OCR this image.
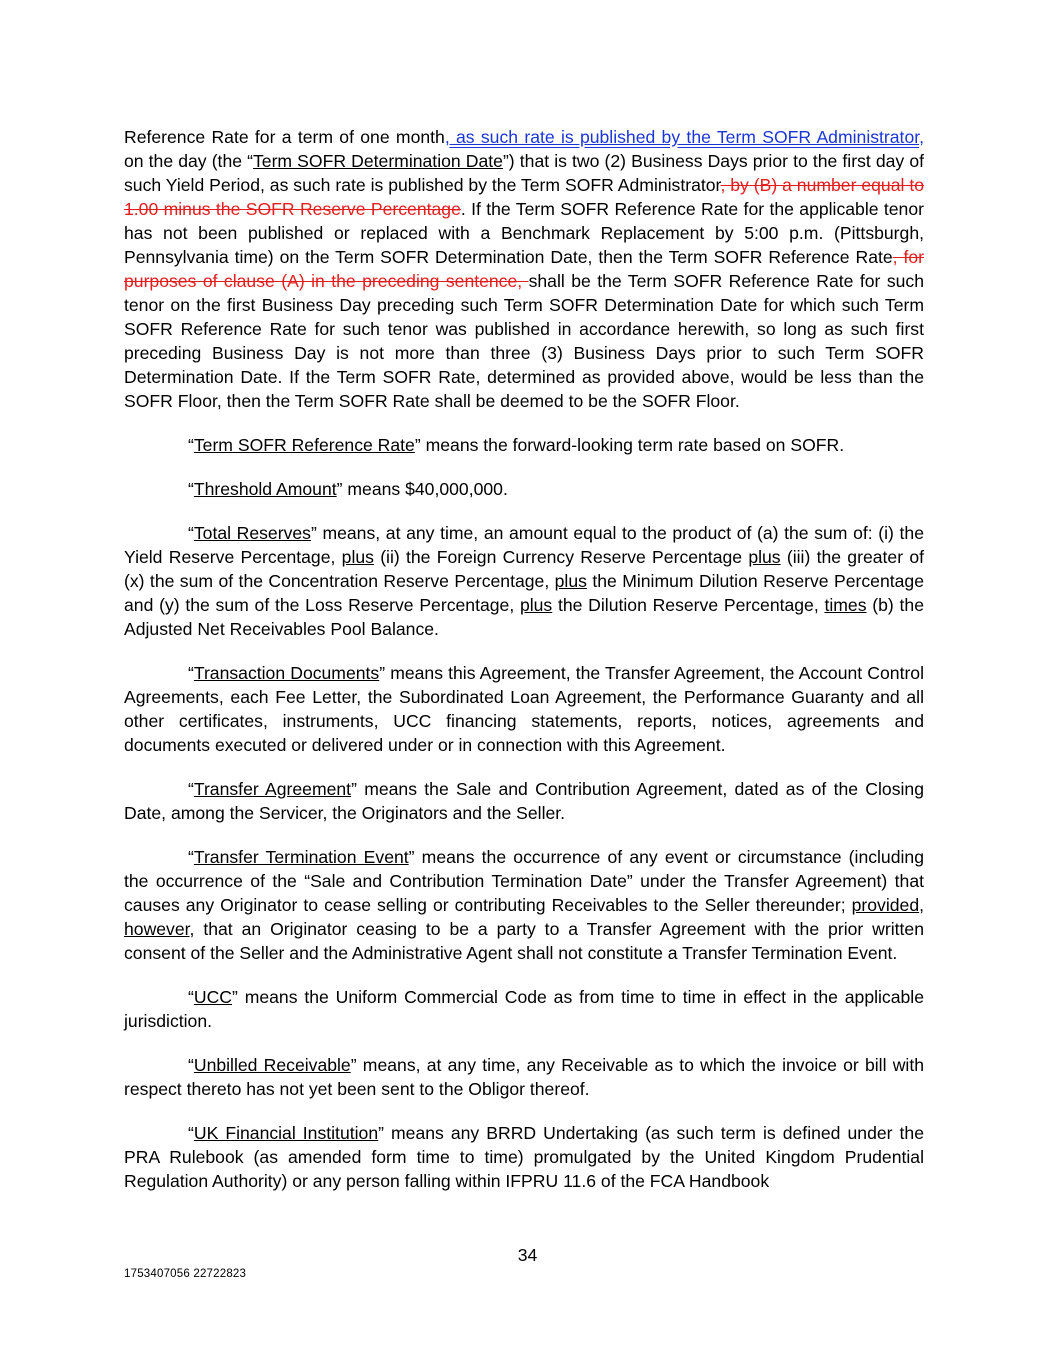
Reference Rate for a term of one month, as such rate is published by the Term SOFR Administrator, on the day (the “Term SOFR Determination Date”) that is two (2) Business Days prior to the first day of such Yield Period, as such rate is published by the Term SOFR Administrator, by (B) a number equal to 1.00 minus the SOFR Reserve Percentage. If the Term SOFR Reference Rate for the applicable tenor has not been published or replaced with a Benchmark Replacement by 5:00 p.m. (Pittsburgh, Pennsylvania time) on the Term SOFR Determination Date, then the Term SOFR Reference Rate, for purposes of clause (A) in the preceding sentence, shall be the Term SOFR Reference Rate for such tenor on the first Business Day preceding such Term SOFR Determination Date for which such Term SOFR Reference Rate for such tenor was published in accordance herewith, so long as such first preceding Business Day is not more than three (3) Business Days prior to such Term SOFR Determination Date. If the Term SOFR Rate, determined as provided above, would be less than the SOFR Floor, then the Term SOFR Rate shall be deemed to be the SOFR Floor.

“Term SOFR Reference Rate” means the forward-looking term rate based on SOFR.

“Threshold Amount” means $40,000,000.

“Total Reserves” means, at any time, an amount equal to the product of (a) the sum of: (i) the Yield Reserve Percentage, plus (ii) the Foreign Currency Reserve Percentage plus (iii) the greater of (x) the sum of the Concentration Reserve Percentage, plus the Minimum Dilution Reserve Percentage and (y) the sum of the Loss Reserve Percentage, plus the Dilution Reserve Percentage, times (b) the Adjusted Net Receivables Pool Balance.

“Transaction Documents” means this Agreement, the Transfer Agreement, the Account Control Agreements, each Fee Letter, the Subordinated Loan Agreement, the Performance Guaranty and all other certificates, instruments, UCC financing statements, reports, notices, agreements and documents executed or delivered under or in connection with this Agreement.

“Transfer Agreement” means the Sale and Contribution Agreement, dated as of the Closing Date, among the Servicer, the Originators and the Seller.

“Transfer Termination Event” means the occurrence of any event or circumstance (including the occurrence of the “Sale and Contribution Termination Date” under the Transfer Agreement) that causes any Originator to cease selling or contributing Receivables to the Seller thereunder; provided, however, that an Originator ceasing to be a party to a Transfer Agreement with the prior written consent of the Seller and the Administrative Agent shall not constitute a Transfer Termination Event.

“UCC” means the Uniform Commercial Code as from time to time in effect in the applicable jurisdiction.

“Unbilled Receivable” means, at any time, any Receivable as to which the invoice or bill with respect thereto has not yet been sent to the Obligor thereof.

“UK Financial Institution” means any BRRD Undertaking (as such term is defined under the PRA Rulebook (as amended form time to time) promulgated by the United Kingdom Prudential Regulation Authority) or any person falling within IFPRU 11.6 of the FCA Handbook

34
1753407056 22722823
